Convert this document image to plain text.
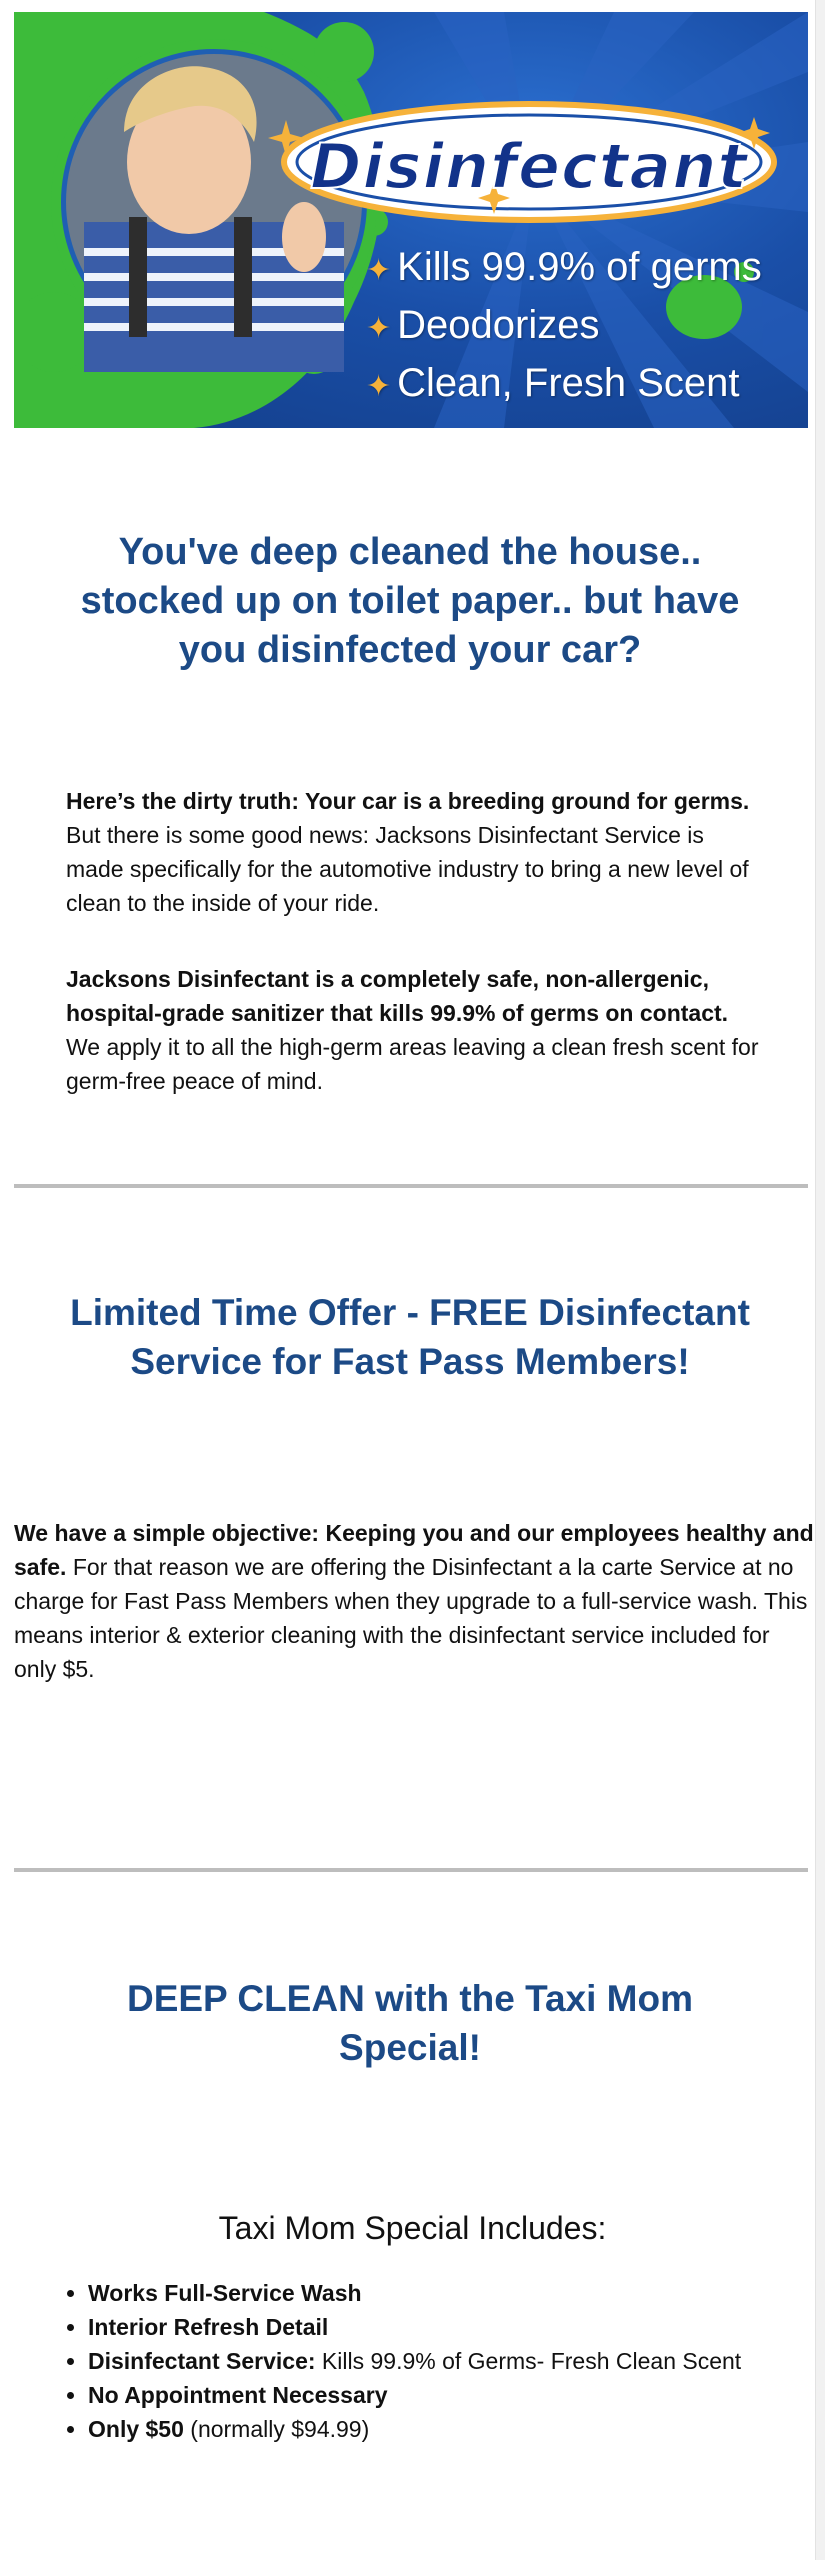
Disinfectant
✦ Kills 99.9% of germs
✦ Deodorizes
✦ Clean, Fresh Scent
You've deep cleaned the house.. stocked up on toilet paper.. but have you disinfected your car?

Here’s the dirty truth: Your car is a breeding ground for germs. But there is some good news: Jacksons Disinfectant Service is made specifically for the automotive industry to bring a new level of clean to the inside of your ride.

Jacksons Disinfectant is a completely safe, non-allergenic, hospital-grade sanitizer that kills 99.9% of germs on contact. We apply it to all the high-germ areas leaving a clean fresh scent for germ-free peace of mind.

Limited Time Offer - FREE Disinfectant Service for Fast Pass Members!

We have a simple objective: Keeping you and our employees healthy and safe. For that reason we are offering the Disinfectant a la carte Service at no charge for Fast Pass Members when they upgrade to a full-service wash. This means interior & exterior cleaning with the disinfectant service included for only $5.

DEEP CLEAN with the Taxi Mom Special!
Taxi Mom Special Includes:
• Works Full-Service Wash
• Interior Refresh Detail
• Disinfectant Service: Kills 99.9% of Germs- Fresh Clean Scent
• No Appointment Necessary
• Only $50 (normally $94.99)
